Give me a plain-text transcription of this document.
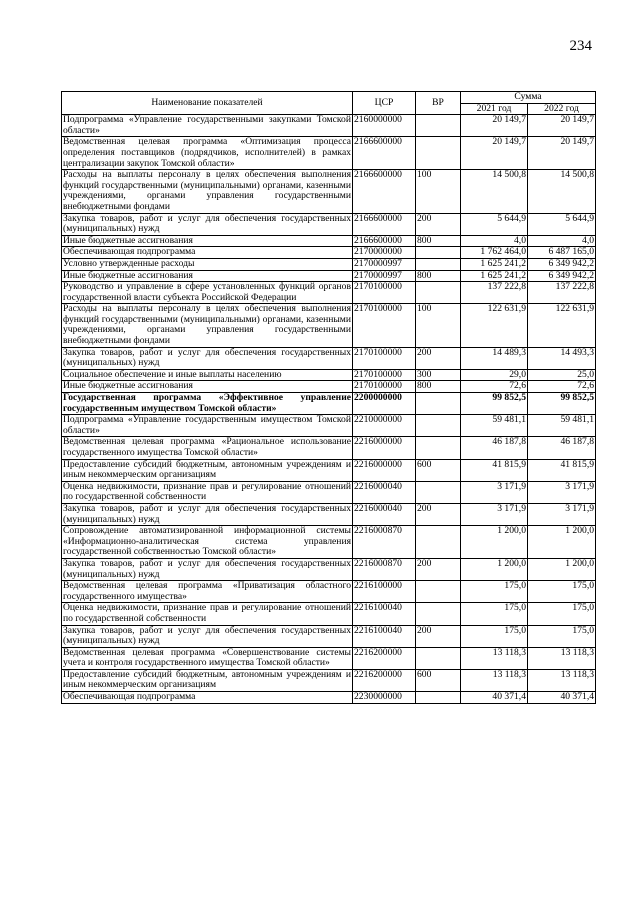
234
Наименование показателей	ЦСР	ВР	Сумма	
			2021 год	2022 год
Подпрограмма «Управление государственными закупками Томской области»	2160000000		20 149,7	20 149,7
Ведомственная целевая программа «Оптимизация процесса определения поставщиков (подрядчиков, исполнителей) в рамках централизации закупок Томской области»	2166600000		20 149,7	20 149,7
Расходы на выплаты персоналу в целях обеспечения выполнения функций государственными (муниципальными) органами, казенными учреждениями, органами управления государственными внебюджетными фондами	2166600000	100	14 500,8	14 500,8
Закупка товаров, работ и услуг для обеспечения государственных (муниципальных) нужд	2166600000	200	5 644,9	5 644,9
Иные бюджетные ассигнования	2166600000	800	4,0	4,0
Обеспечивающая подпрограмма	2170000000		1 762 464,0	6 487 165,0
Условно утвержденные расходы	2170000997		1 625 241,2	6 349 942,2
Иные бюджетные ассигнования	2170000997	800	1 625 241,2	6 349 942,2
Руководство и управление в сфере установленных функций органов государственной власти субъекта Российской Федерации	2170100000		137 222,8	137 222,8
Расходы на выплаты персоналу в целях обеспечения выполнения функций государственными (муниципальными) органами, казенными учреждениями, органами управления государственными внебюджетными фондами	2170100000	100	122 631,9	122 631,9
Закупка товаров, работ и услуг для обеспечения государственных (муниципальных) нужд	2170100000	200	14 489,3	14 493,3
Социальное обеспечение и иные выплаты населению	2170100000	300	29,0	25,0
Иные бюджетные ассигнования	2170100000	800	72,6	72,6
Государственная программа «Эффективное управление государственным имуществом Томской области»	2200000000		99 852,5	99 852,5
Подпрограмма «Управление государственным имуществом Томской области»	2210000000		59 481,1	59 481,1
Ведомственная целевая программа «Рациональное использование государственного имущества Томской области»	2216000000		46 187,8	46 187,8
Предоставление субсидий бюджетным, автономным учреждениям и иным некоммерческим организациям	2216000000	600	41 815,9	41 815,9
Оценка недвижимости, признание прав и регулирование отношений по государственной собственности	2216000040		3 171,9	3 171,9
Закупка товаров, работ и услуг для обеспечения государственных (муниципальных) нужд	2216000040	200	3 171,9	3 171,9
Сопровождение автоматизированной информационной системы «Информационно-аналитическая система управления государственной собственностью Томской области»	2216000870		1 200,0	1 200,0
Закупка товаров, работ и услуг для обеспечения государственных (муниципальных) нужд	2216000870	200	1 200,0	1 200,0
Ведомственная целевая программа «Приватизация областного государственного имущества»	2216100000		175,0	175,0
Оценка недвижимости, признание прав и регулирование отношений по государственной собственности	2216100040		175,0	175,0
Закупка товаров, работ и услуг для обеспечения государственных (муниципальных) нужд	2216100040	200	175,0	175,0
Ведомственная целевая программа «Совершенствование системы учета и контроля государственного имущества Томской области»	2216200000		13 118,3	13 118,3
Предоставление субсидий бюджетным, автономным учреждениям и иным некоммерческим организациям	2216200000	600	13 118,3	13 118,3
Обеспечивающая подпрограмма	2230000000		40 371,4	40 371,4
